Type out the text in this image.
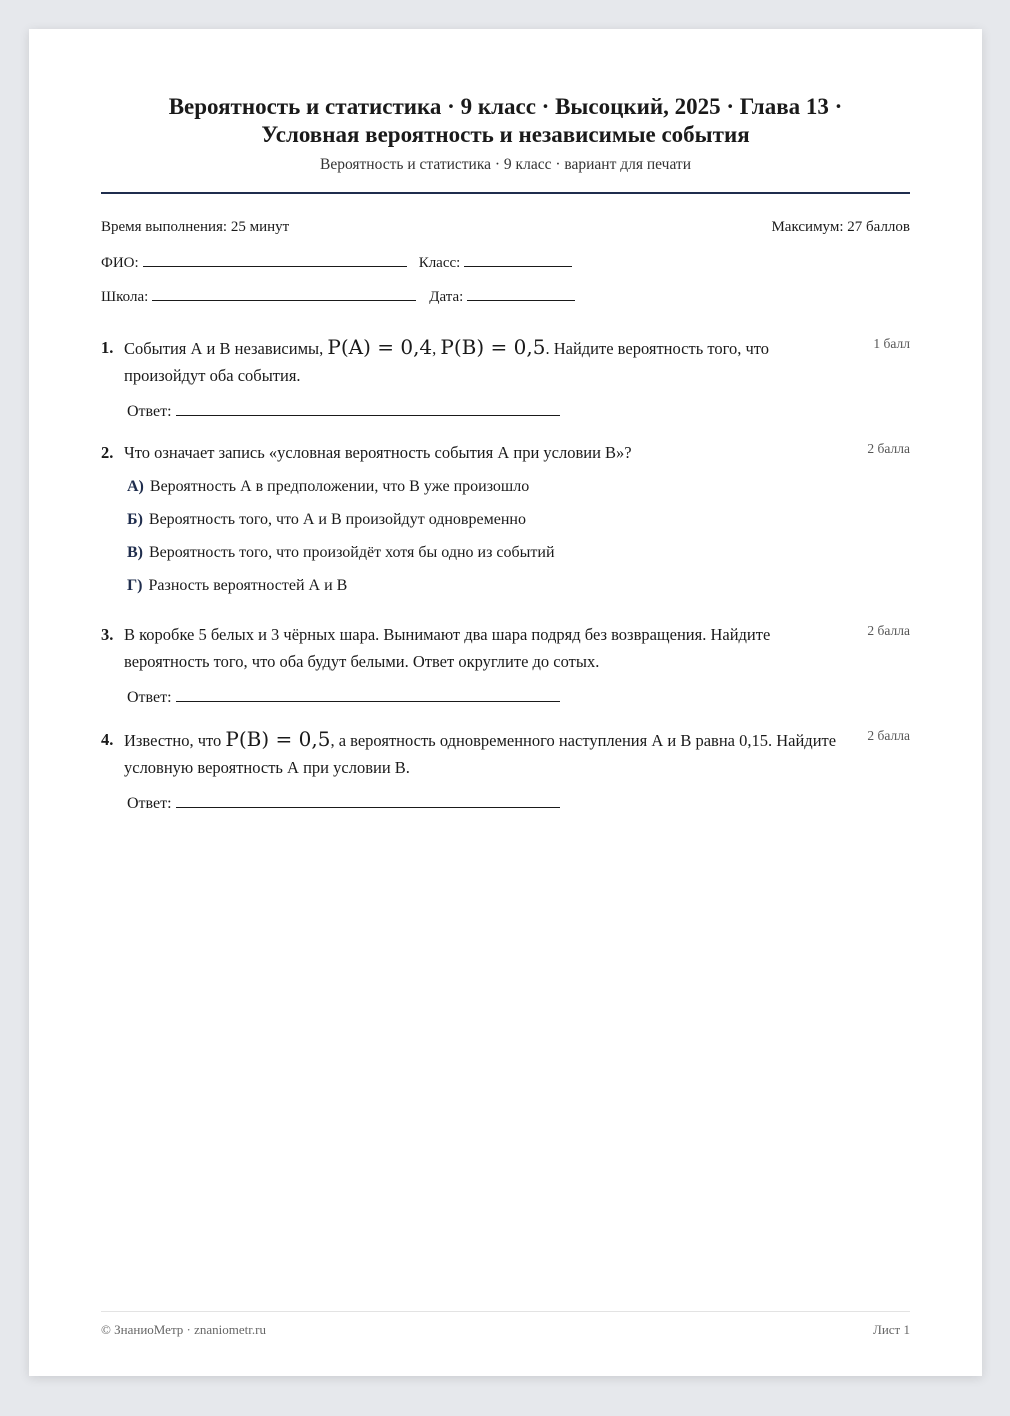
Вероятность и статистика · 9 класс · Высоцкий, 2025 · Глава 13 ·
Условная вероятность и независимые события
Вероятность и статистика · 9 класс · вариант для печати
Время выполнения: 25 минут	Максимум: 27 баллов
ФИО:	Класс:
Школа:	Дата:
1.	1 балл
События А и В независимы, P(A) = 0,4, P(B) = 0,5. Найдите вероятность того, что произойдут оба события.
Ответ:
2.	2 балла
Что означает запись «условная вероятность события А при условии В»?
А) Вероятность А в предположении, что В уже произошло
Б) Вероятность того, что А и В произойдут одновременно
В) Вероятность того, что произойдёт хотя бы одно из событий
Г) Разность вероятностей А и В
3.	2 балла
В коробке 5 белых и 3 чёрных шара. Вынимают два шара подряд без возвращения. Найдите вероятность того, что оба будут белыми. Ответ округлите до сотых.
Ответ:
4.	2 балла
Известно, что P(B) = 0,5, а вероятность одновременного наступления А и В равна 0,15. Найдите условную вероятность А при условии В.
Ответ:
© ЗнаниоМетр · znaniometr.ru	Лист 1
